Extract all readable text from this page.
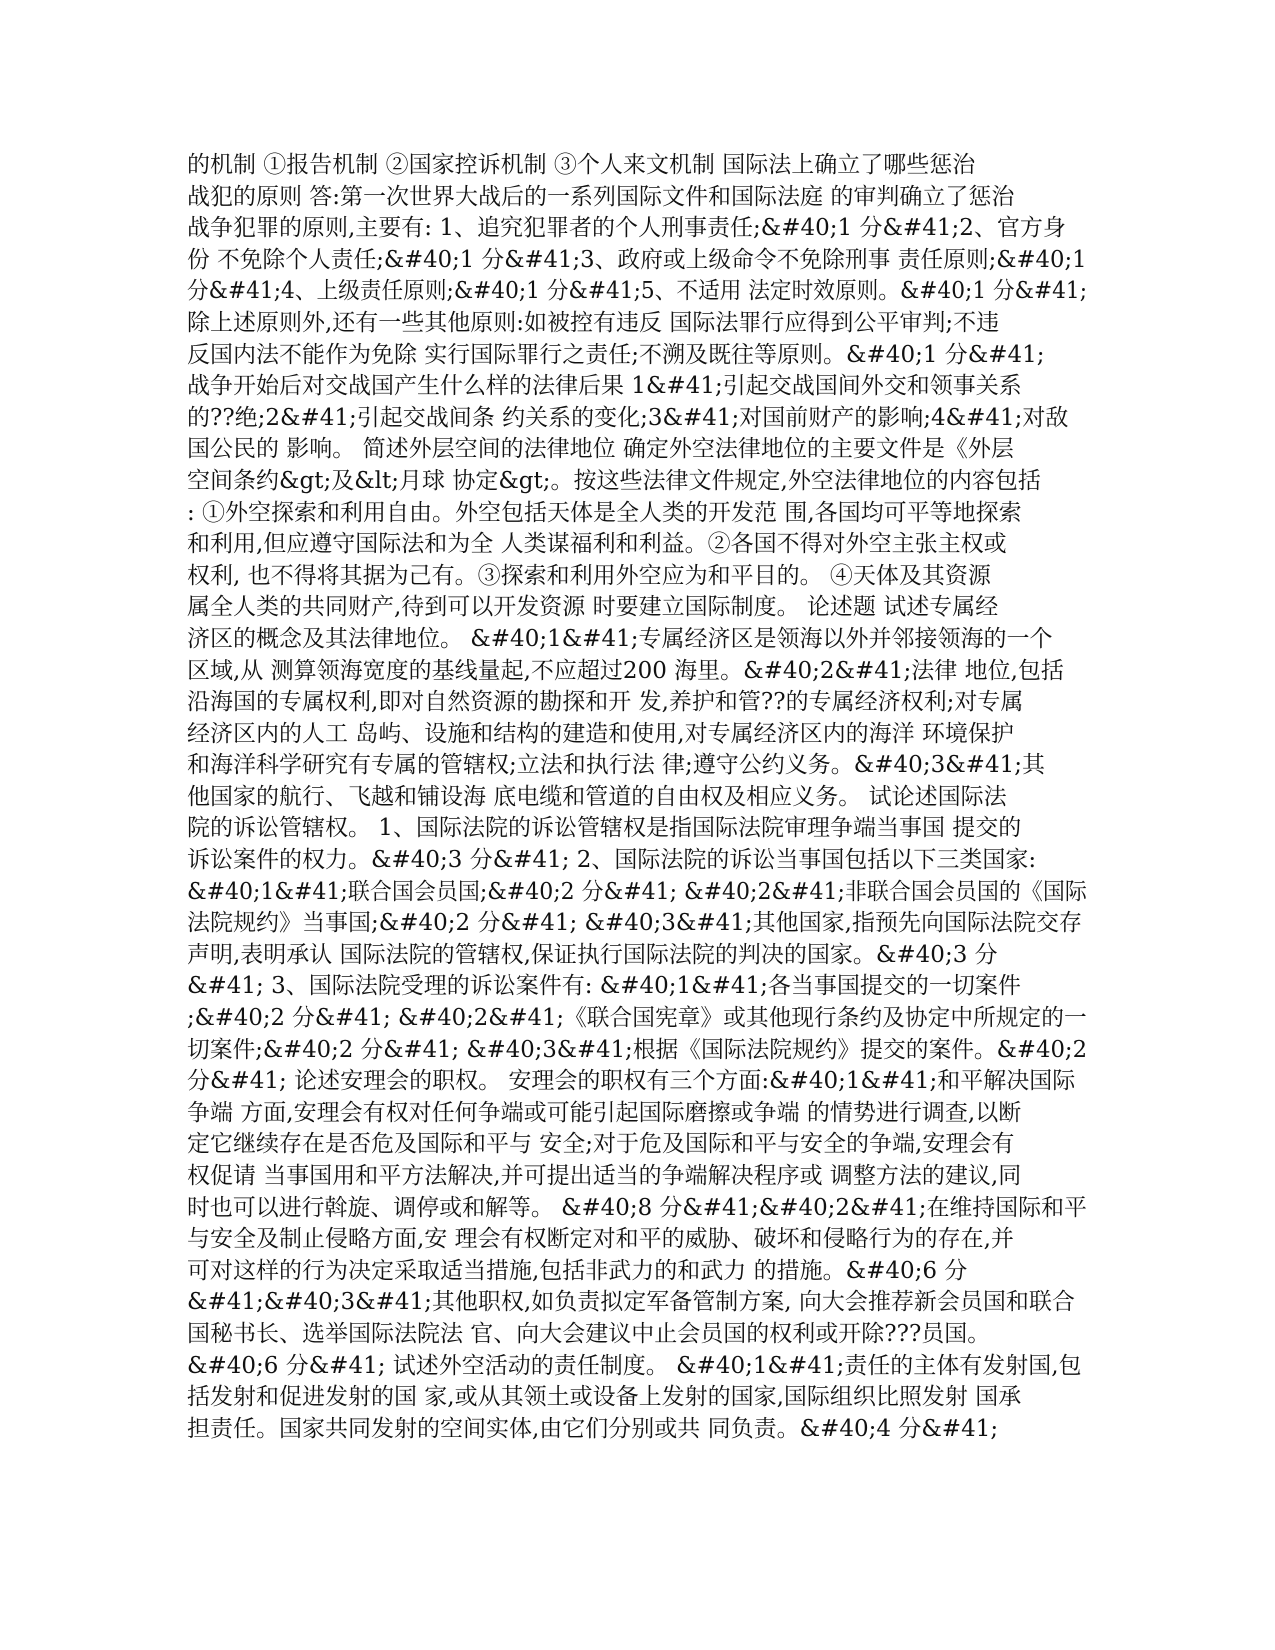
的机制 ①报告机制 ②国家控诉机制 ③个人来文机制 国际法上确立了哪些惩治
战犯的原则 答:第一次世界大战后的一系列国际文件和国际法庭 的审判确立了惩治
战争犯罪的原则,主要有: 1、追究犯罪者的个人刑事责任;&#40;1 分&#41;2、官方身
份 不免除个人责任;&#40;1 分&#41;3、政府或上级命令不免除刑事 责任原则;&#40;1
分&#41;4、上级责任原则;&#40;1 分&#41;5、不适用 法定时效原则。&#40;1 分&#41;
除上述原则外,还有一些其他原则:如被控有违反 国际法罪行应得到公平审判;不违
反国内法不能作为免除 实行国际罪行之责任;不溯及既往等原则。&#40;1 分&#41;
战争开始后对交战国产生什么样的法律后果 1&#41;引起交战国间外交和领事关系
的??绝;2&#41;引起交战间条 约关系的变化;3&#41;对国前财产的影响;4&#41;对敌
国公民的 影响。 简述外层空间的法律地位 确定外空法律地位的主要文件是《外层
空间条约&gt;及&lt;月球 协定&gt;。按这些法律文件规定,外空法律地位的内容包括
: ①外空探索和利用自由。外空包括天体是全人类的开发范 围,各国均可平等地探索
和利用,但应遵守国际法和为全 人类谋福利和利益。②各国不得对外空主张主权或
权利, 也不得将其据为己有。③探索和利用外空应为和平目的。 ④天体及其资源
属全人类的共同财产,待到可以开发资源 时要建立国际制度。 论述题 试述专属经
济区的概念及其法律地位。 &#40;1&#41;专属经济区是领海以外并邻接领海的一个
区域,从 测算领海宽度的基线量起,不应超过200 海里。&#40;2&#41;法律 地位,包括
沿海国的专属权利,即对自然资源的勘探和开 发,养护和管??的专属经济权利;对专属
经济区内的人工 岛屿、设施和结构的建造和使用,对专属经济区内的海洋 环境保护
和海洋科学研究有专属的管辖权;立法和执行法 律;遵守公约义务。&#40;3&#41;其
他国家的航行、飞越和铺设海 底电缆和管道的自由权及相应义务。 试论述国际法
院的诉讼管辖权。 1、国际法院的诉讼管辖权是指国际法院审理争端当事国 提交的
诉讼案件的权力。&#40;3 分&#41; 2、国际法院的诉讼当事国包括以下三类国家:
&#40;1&#41;联合国会员国;&#40;2 分&#41; &#40;2&#41;非联合国会员国的《国际
法院规约》当事国;&#40;2 分&#41; &#40;3&#41;其他国家,指预先向国际法院交存
声明,表明承认 国际法院的管辖权,保证执行国际法院的判决的国家。&#40;3 分
&#41; 3、国际法院受理的诉讼案件有: &#40;1&#41;各当事国提交的一切案件
;&#40;2 分&#41; &#40;2&#41;《联合国宪章》或其他现行条约及协定中所规定的一
切案件;&#40;2 分&#41; &#40;3&#41;根据《国际法院规约》提交的案件。&#40;2
分&#41; 论述安理会的职权。 安理会的职权有三个方面:&#40;1&#41;和平解决国际
争端 方面,安理会有权对任何争端或可能引起国际磨擦或争端 的情势进行调查,以断
定它继续存在是否危及国际和平与 安全;对于危及国际和平与安全的争端,安理会有
权促请 当事国用和平方法解决,并可提出适当的争端解决程序或 调整方法的建议,同
时也可以进行斡旋、调停或和解等。 &#40;8 分&#41;&#40;2&#41;在维持国际和平
与安全及制止侵略方面,安 理会有权断定对和平的威胁、破坏和侵略行为的存在,并
可对这样的行为决定采取适当措施,包括非武力的和武力 的措施。&#40;6 分
&#41;&#40;3&#41;其他职权,如负责拟定军备管制方案, 向大会推荐新会员国和联合
国秘书长、选举国际法院法 官、向大会建议中止会员国的权利或开除???员国。
&#40;6 分&#41; 试述外空活动的责任制度。 &#40;1&#41;责任的主体有发射国,包
括发射和促进发射的国 家,或从其领土或设备上发射的国家,国际组织比照发射 国承
担责任。国家共同发射的空间实体,由它们分别或共 同负责。&#40;4 分&#41;
